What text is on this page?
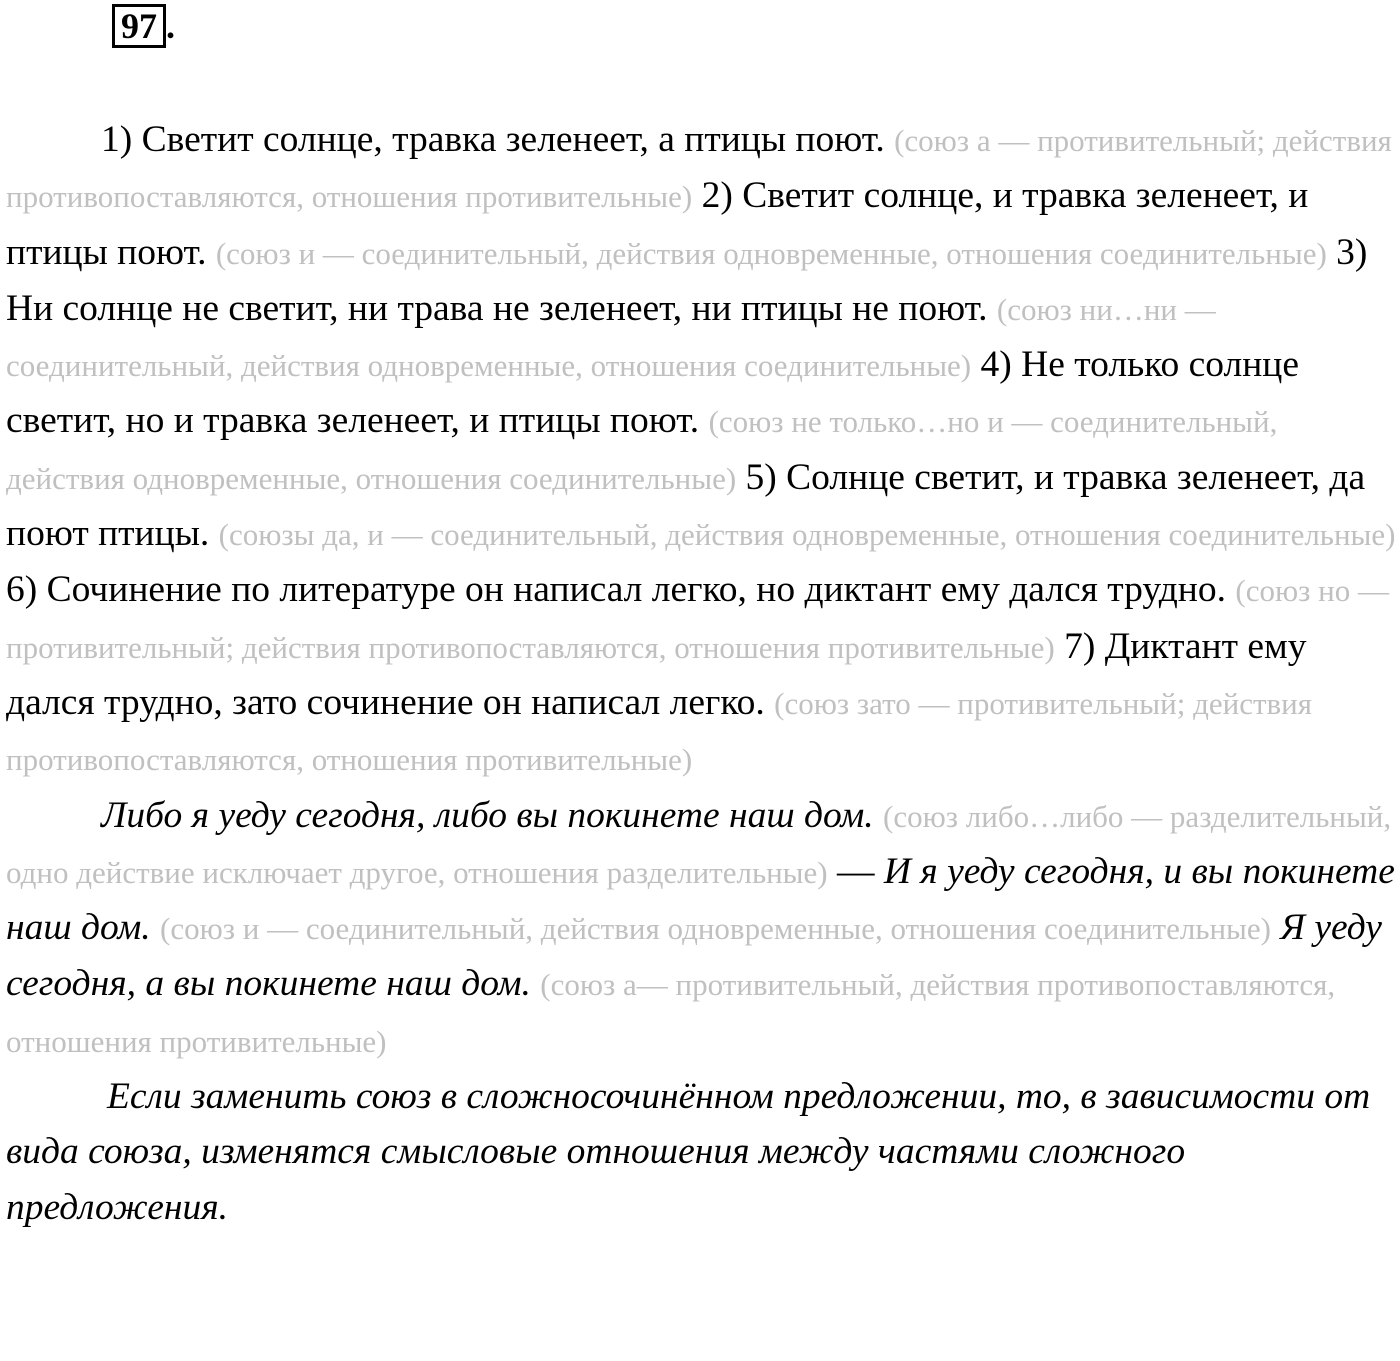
97 .

1) Светит солнце, травка зеленеет, а птицы поют. (союз а — противительный; действия противопоставляются, отношения противительные) 2) Светит солнце, и травка зеленеет, и птицы поют. (союз и — соединительный, действия одновременные, отношения соединительные) 3) Ни солнце не светит, ни трава не зеленеет, ни птицы не поют. (союз ни…ни — соединительный, действия одновременные, отношения соединительные) 4) Не только солнце светит, но и травка зеленеет, и птицы поют. (союз не только…но и — соединительный, действия одновременные, отношения соединительные) 5) Солнце светит, и травка зеленеет, да поют птицы. (союзы да, и — соединительный, действия одновременные, отношения соединительные) 6) Сочинение по литературе он написал легко, но диктант ему дался трудно. (союз но — противительный; действия противопоставляются, отношения противительные) 7) Диктант ему дался трудно, зато сочинение он написал легко. (союз зато — противительный; действия противопоставляются, отношения противительные)

Либо я уеду сегодня, либо вы покинете наш дом. (союз либо…либо — разделительный, одно действие исключает другое, отношения разделительные) — И я уеду сегодня, и вы покинете наш дом. (союз и — соединительный, действия одновременные, отношения соединительные) Я уеду сегодня, а вы покинете наш дом. (союз а— противительный, действия противопоставляются, отношения противительные)

Если заменить союз в сложносочинённом предложении, то, в зависимости от вида союза, изменятся смысловые отношения между частями сложного предложения.
